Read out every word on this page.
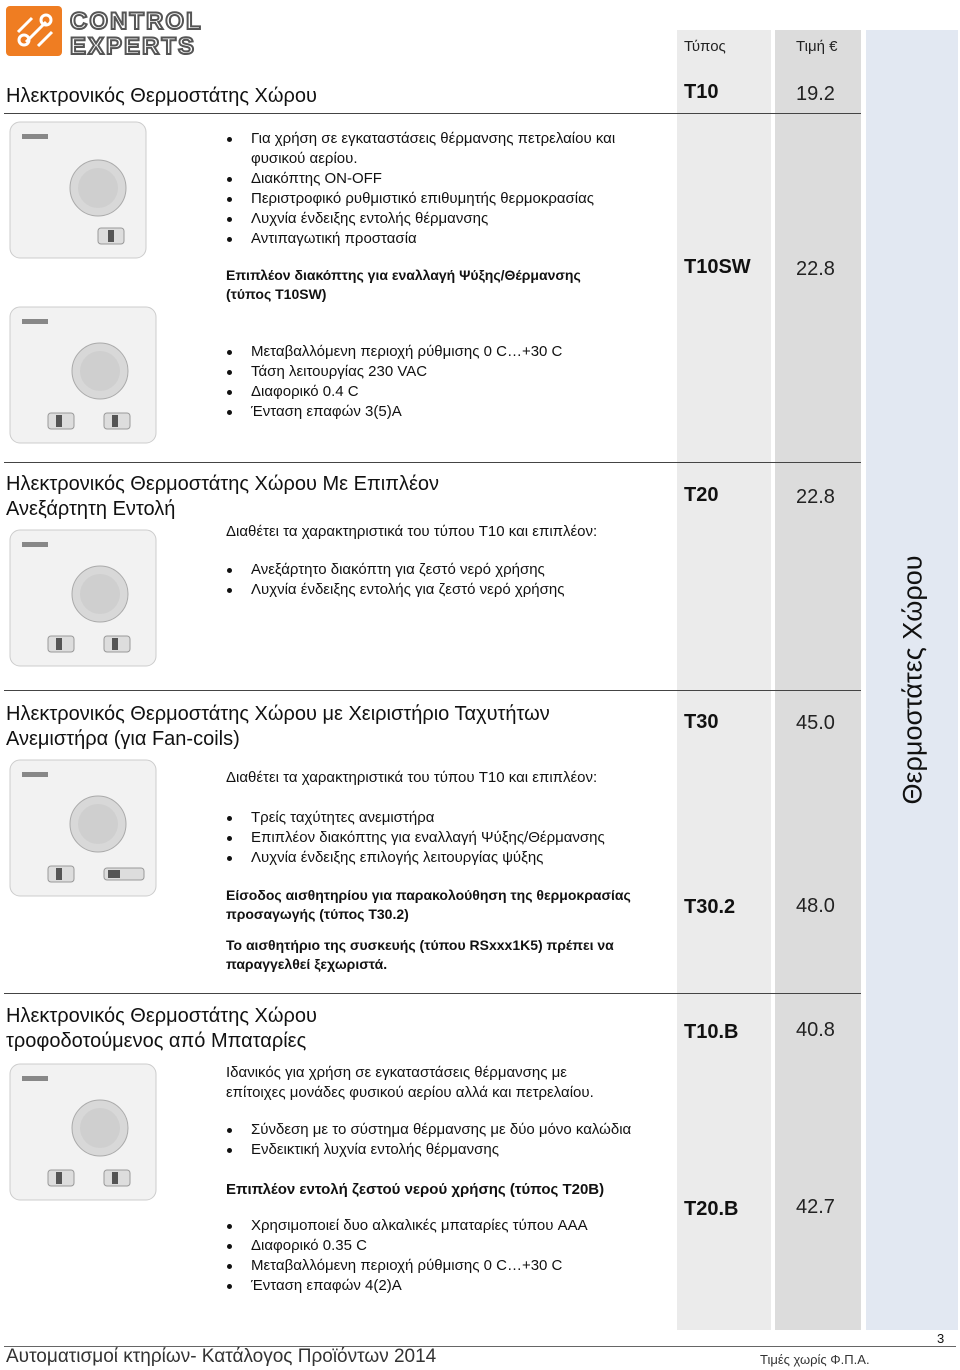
Θερμοστάτες Χώρου
CONTROL
EXPERTS	Τύπος	Τιμή €
Ηλεκτρονικός Θερμοστάτης Χώρου
Για χρήση σε εγκαταστάσεις θέρμανσης πετρελαίου και
φυσικού αερίου.
Διακόπτης ON-OFF
Περιστροφικό ρυθμιστικό επιθυμητής θερμοκρασίας
Λυχνία ένδειξης εντολής θέρμανσης
Αντιπαγωτική προστασία
Επιπλέον διακόπτης για εναλλαγή Ψύξης/Θέρμανσης
(τύπος T10SW)
Μεταβαλλόμενη περιοχή ρύθμισης 0 C…+30 C
Τάση λειτουργίας 230 VAC
Διαφορικό 0.4 C
Ένταση επαφών 3(5)A
T10	19.2
T10SW 22.8
Ηλεκτρονικός Θερμοστάτης Χώρου Με Επιπλέον
Ανεξάρτητη Εντολή
Διαθέτει τα χαρακτηριστικά του τύπου T10 και επιπλέον:
Ανεξάρτητο διακόπτη για ζεστό νερό χρήσης
Λυχνία ένδειξης εντολής για ζεστό νερό χρήσης
T20	22.8
Ηλεκτρονικός Θερμοστάτης Χώρου με Χειριστήριο Ταχυτήτων
Ανεμιστήρα (για Fan-coils)
Διαθέτει τα χαρακτηριστικά του τύπου T10 και επιπλέον:
Τρείς ταχύτητες ανεμιστήρα
Επιπλέον διακόπτης για εναλλαγή Ψύξης/Θέρμανσης
Λυχνία ένδειξης επιλογής λειτουργίας ψύξης
Είσοδος αισθητηρίου για παρακολούθηση της θερμοκρασίας
προσαγωγής (τύπος T30.2)
Το αισθητήριο της συσκευής (τύπου RSxxx1K5) πρέπει να
παραγγελθεί ξεχωριστά.
T30	45.0
T30.2	48.0
Ηλεκτρονικός Θερμοστάτης Χώρου
τροφοδοτούμενος από Μπαταρίες
Ιδανικός για χρήση σε εγκαταστάσεις θέρμανσης με
επίτοιχες μονάδες φυσικού αερίου αλλά και πετρελαίου.
Σύνδεση με το σύστημα θέρμανσης με δύο μόνο καλώδια
Ενδεικτική λυχνία εντολής θέρμανσης
Επιπλέον εντολή ζεστού νερού χρήσης (τύπος T20B)
Χρησιμοποιεί δυο αλκαλικές μπαταρίες τύπου AAA
Διαφορικό 0.35 C
Μεταβαλλόμενη περιοχή ρύθμισης 0 C…+30 C
Ένταση επαφών 4(2)A
T10.B	40.8
T20.B	42.7
3
Αυτοματισμοί κτηρίων- Κατάλογος Προϊόντων 2014	Τιμές χωρίς Φ.Π.Α.
